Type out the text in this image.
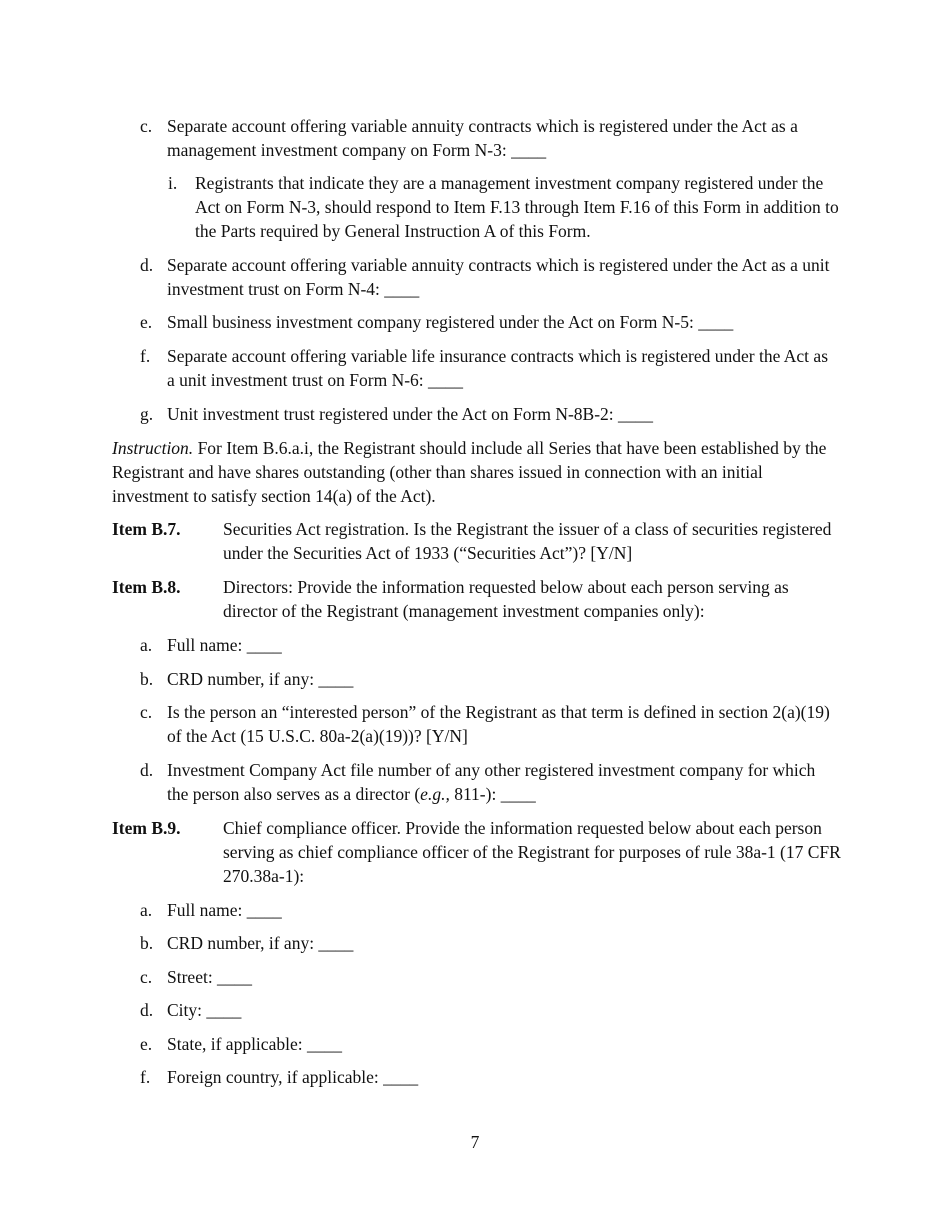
c. Separate account offering variable annuity contracts which is registered under the Act as a management investment company on Form N-3: ____
i. Registrants that indicate they are a management investment company registered under the Act on Form N-3, should respond to Item F.13 through Item F.16 of this Form in addition to the Parts required by General Instruction A of this Form.
d. Separate account offering variable annuity contracts which is registered under the Act as a unit investment trust on Form N-4: ____
e. Small business investment company registered under the Act on Form N-5: ____
f. Separate account offering variable life insurance contracts which is registered under the Act as a unit investment trust on Form N-6: ____
g. Unit investment trust registered under the Act on Form N-8B-2: ____
Instruction. For Item B.6.a.i, the Registrant should include all Series that have been established by the Registrant and have shares outstanding (other than shares issued in connection with an initial investment to satisfy section 14(a) of the Act).
Item B.7. Securities Act registration. Is the Registrant the issuer of a class of securities registered under the Securities Act of 1933 (“Securities Act”)? [Y/N]
Item B.8. Directors: Provide the information requested below about each person serving as director of the Registrant (management investment companies only):
a. Full name: ____
b. CRD number, if any: ____
c. Is the person an “interested person” of the Registrant as that term is defined in section 2(a)(19) of the Act (15 U.S.C. 80a-2(a)(19))? [Y/N]
d. Investment Company Act file number of any other registered investment company for which the person also serves as a director (e.g., 811-): ____
Item B.9. Chief compliance officer. Provide the information requested below about each person serving as chief compliance officer of the Registrant for purposes of rule 38a-1 (17 CFR 270.38a-1):
a. Full name: ____
b. CRD number, if any: ____
c. Street: ____
d. City: ____
e. State, if applicable: ____
f. Foreign country, if applicable: ____
7
